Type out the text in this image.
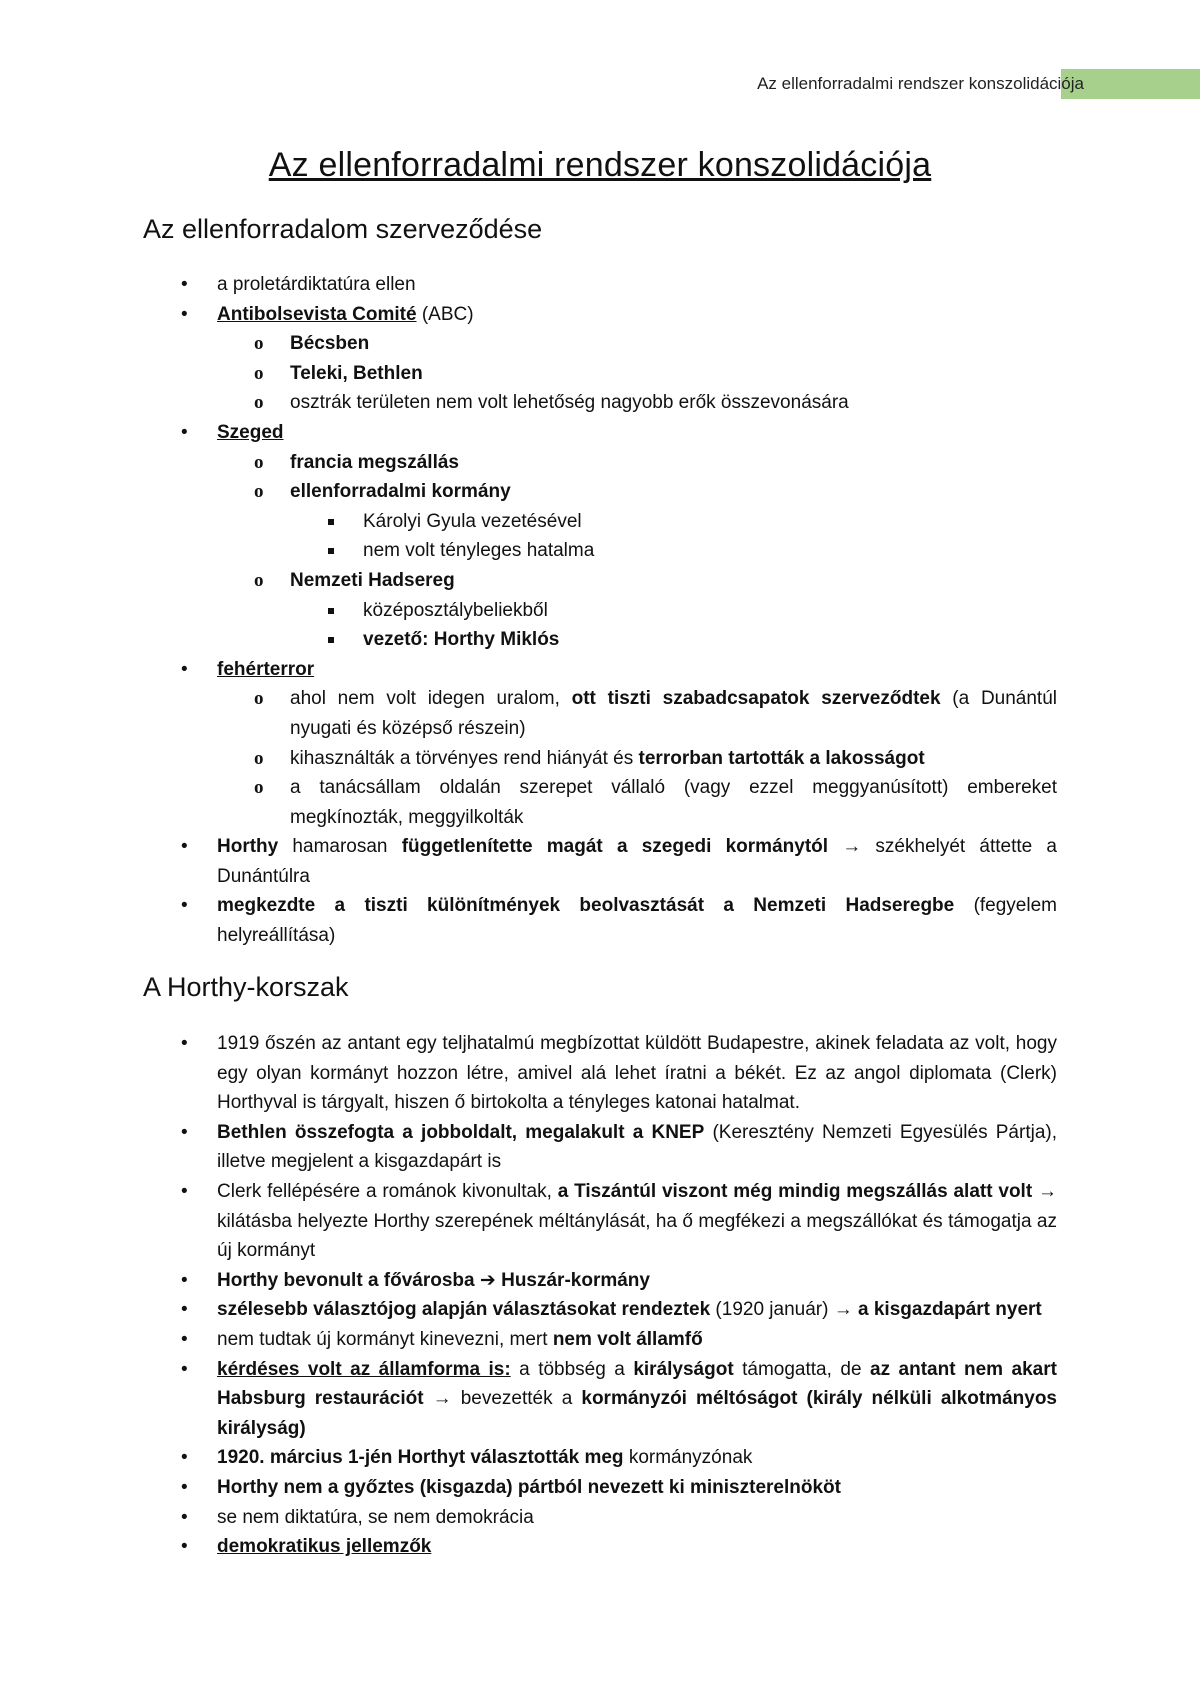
Az ellenforradalmi rendszer konszolidációja
Az ellenforradalmi rendszer konszolidációja
Az ellenforradalom szerveződése
• a proletárdiktatúra ellen
• Antibolsevista Comité (ABC)
o Bécsben
o Teleki, Bethlen
o osztrák területen nem volt lehetőség nagyobb erők összevonására
• Szeged
o francia megszállás
o ellenforradalmi kormány
Károlyi Gyula vezetésével
nem volt tényleges hatalma
o Nemzeti Hadsereg
középosztálybeliekből
vezető: Horthy Miklós
• fehérterror
o ahol nem volt idegen uralom, ott tiszti szabadcsapatok szerveződtek (a Dunántúl nyugati és középső részein)
o kihasználták a törvényes rend hiányát és terrorban tartották a lakosságot
o a tanácsállam oldalán szerepet vállaló (vagy ezzel meggyanúsított) embereket megkínozták, meggyilkolták
• Horthy hamarosan függetlenítette magát a szegedi kormánytól → székhelyét áttette a Dunántúlra
• megkezdte a tiszti különítmények beolvasztását a Nemzeti Hadseregbe (fegyelem helyreállítása)
A Horthy-korszak
• 1919 őszén az antant egy teljhatalmú megbízottat küldött Budapestre, akinek feladata az volt, hogy egy olyan kormányt hozzon létre, amivel alá lehet íratni a békét. Ez az angol diplomata (Clerk) Horthyval is tárgyalt, hiszen ő birtokolta a tényleges katonai hatalmat.
• Bethlen összefogta a jobboldalt, megalakult a KNEP (Keresztény Nemzeti Egyesülés Pártja), illetve megjelent a kisgazdapárt is
• Clerk fellépésére a románok kivonultak, a Tiszántúl viszont még mindig megszállás alatt volt → kilátásba helyezte Horthy szerepének méltánylását, ha ő megfékezi a megszállókat és támogatja az új kormányt
• Horthy bevonult a fővárosba ➔ Huszár-kormány
• szélesebb választójog alapján választásokat rendeztek (1920 január) → a kisgazdapárt nyert
• nem tudtak új kormányt kinevezni, mert nem volt államfő
• kérdéses volt az államforma is: a többség a királyságot támogatta, de az antant nem akart Habsburg restaurációt → bevezették a kormányzói méltóságot (király nélküli alkotmányos királyság)
• 1920. március 1-jén Horthyt választották meg kormányzónak
• Horthy nem a győztes (kisgazda) pártból nevezett ki miniszterelnököt
• se nem diktatúra, se nem demokrácia
• demokratikus jellemzők
